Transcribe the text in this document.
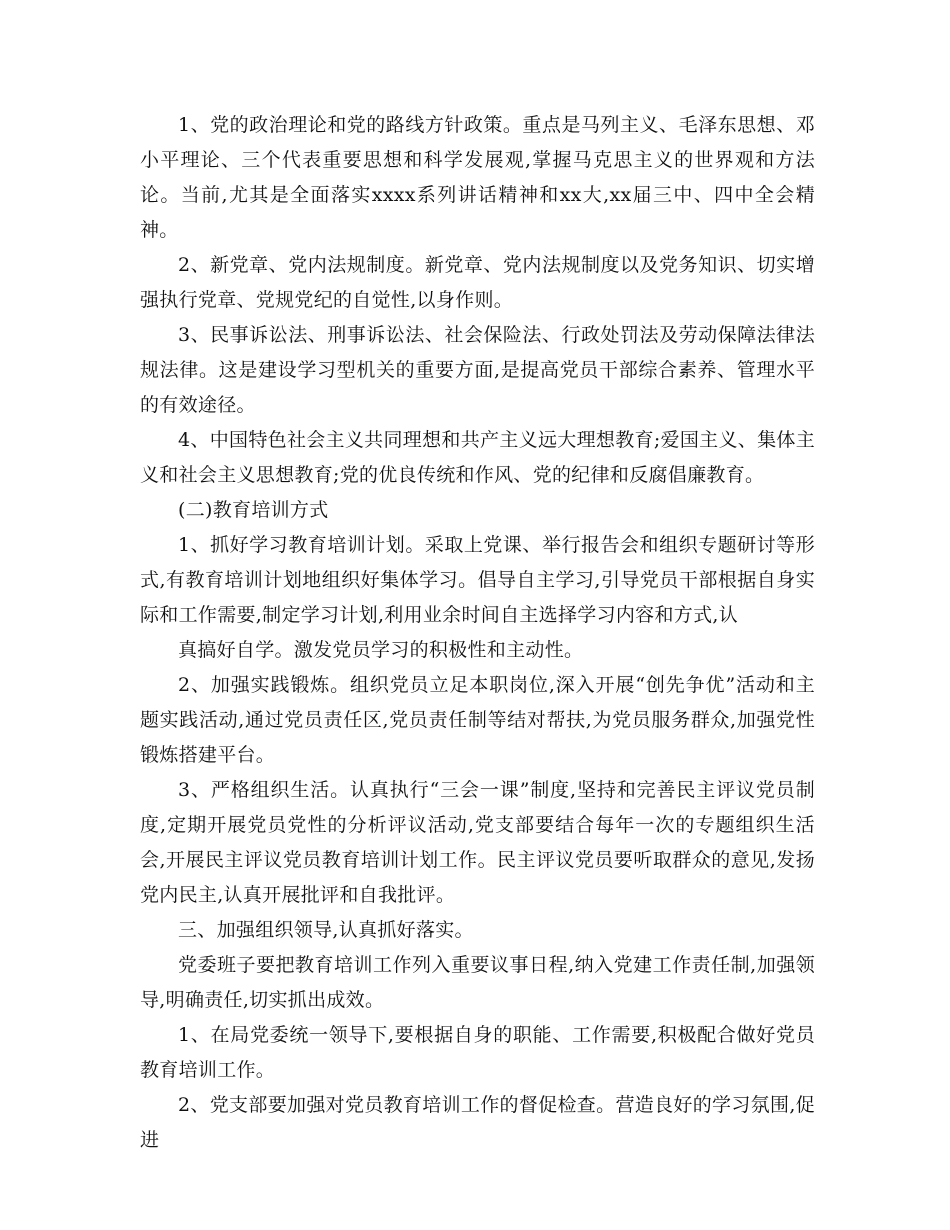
1、党的政治理论和党的路线方针政策。重点是马列主义、毛泽东思想、邓小平理论、三个代表重要思想和科学发展观,掌握马克思主义的世界观和方法论。当前,尤其是全面落实xxxx系列讲话精神和xx大,xx届三中、四中全会精神。

2、新党章、党内法规制度。新党章、党内法规制度以及党务知识、切实增强执行党章、党规党纪的自觉性,以身作则。

3、民事诉讼法、刑事诉讼法、社会保险法、行政处罚法及劳动保障法律法规法律。这是建设学习型机关的重要方面,是提高党员干部综合素养、管理水平的有效途径。

4、中国特色社会主义共同理想和共产主义远大理想教育;爱国主义、集体主义和社会主义思想教育;党的优良传统和作风、党的纪律和反腐倡廉教育。

(二)教育培训方式

1、抓好学习教育培训计划。采取上党课、举行报告会和组织专题研讨等形式,有教育培训计划地组织好集体学习。倡导自主学习,引导党员干部根据自身实际和工作需要,制定学习计划,利用业余时间自主选择学习内容和方式,认

真搞好自学。激发党员学习的积极性和主动性。

2、加强实践锻炼。组织党员立足本职岗位,深入开展“创先争优”活动和主题实践活动,通过党员责任区,党员责任制等结对帮扶,为党员服务群众,加强党性锻炼搭建平台。

3、严格组织生活。认真执行“三会一课”制度,坚持和完善民主评议党员制度,定期开展党员党性的分析评议活动,党支部要结合每年一次的专题组织生活会,开展民主评议党员教育培训计划工作。民主评议党员要听取群众的意见,发扬党内民主,认真开展批评和自我批评。

三、加强组织领导,认真抓好落实。

党委班子要把教育培训工作列入重要议事日程,纳入党建工作责任制,加强领导,明确责任,切实抓出成效。

1、在局党委统一领导下,要根据自身的职能、工作需要,积极配合做好党员教育培训工作。

2、党支部要加强对党员教育培训工作的督促检查。营造良好的学习氛围,促进
